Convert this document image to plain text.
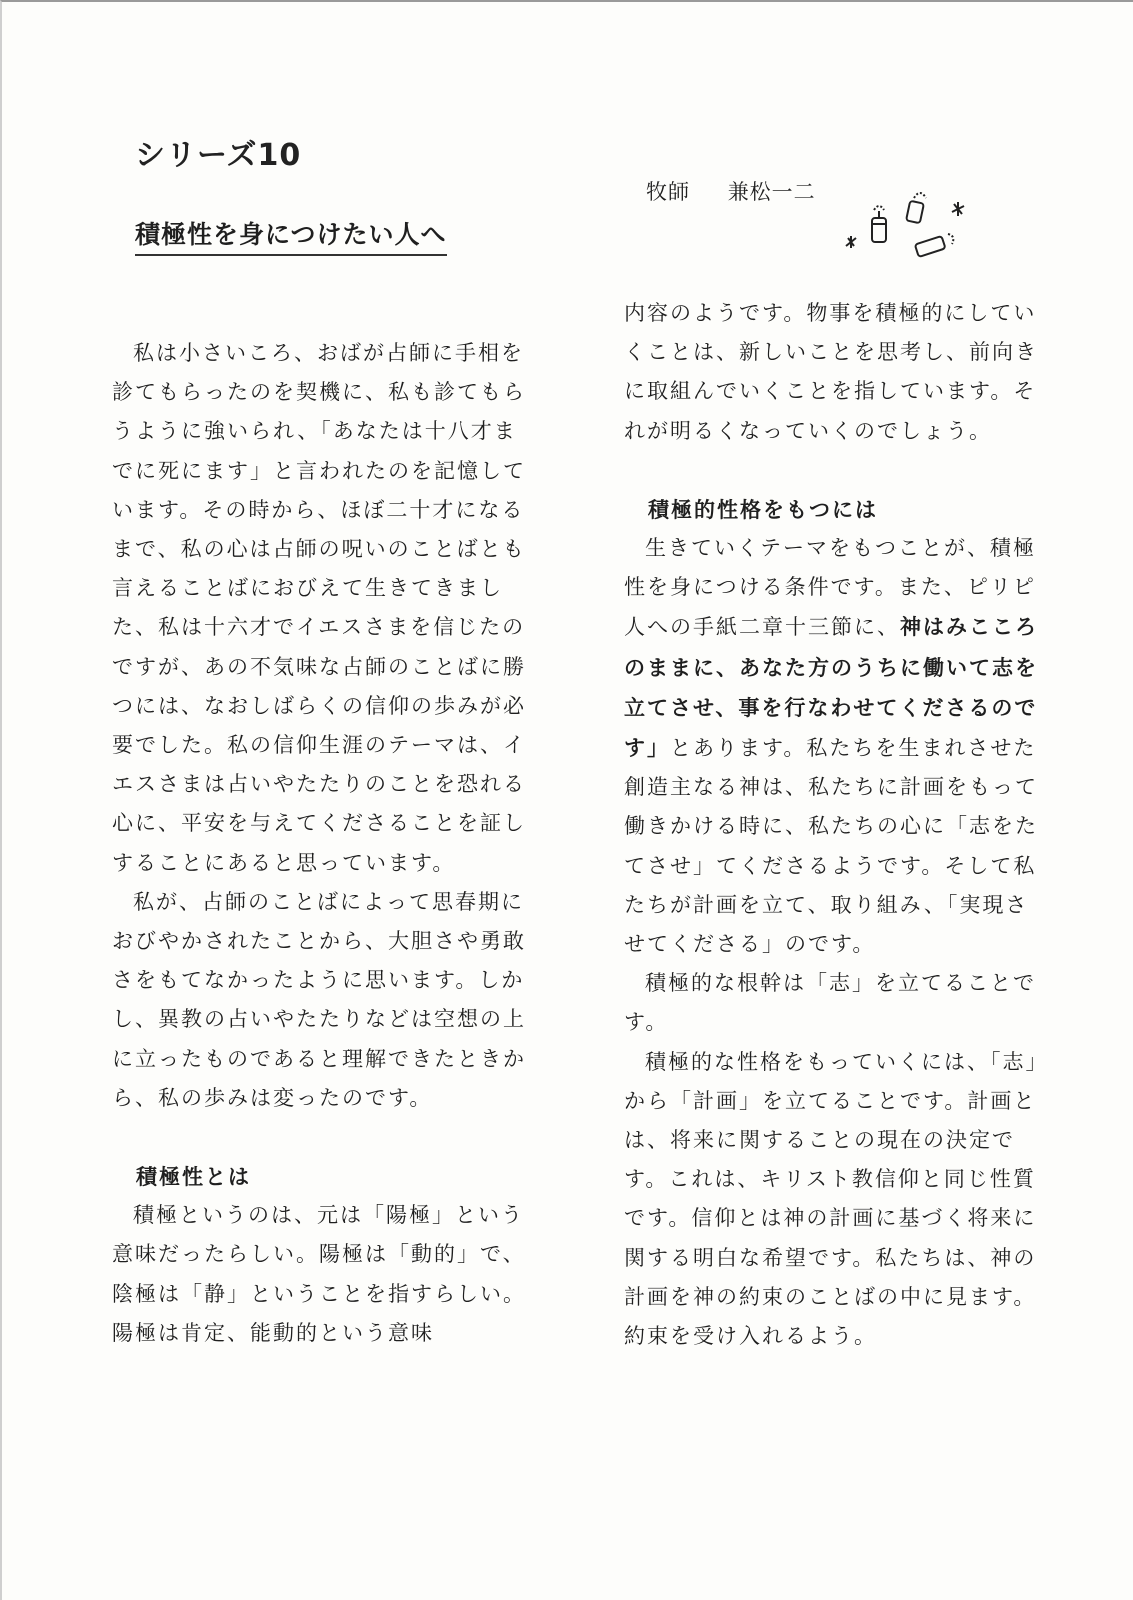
シリーズ10
積極性を身につけたい人へ
牧師 兼松一二

私は小さいころ、おばが占師に手相を診てもらったのを契機に、私も診てもらうように強いられ、「あなたは十八才までに死にます」と言われたのを記憶しています。その時から、ほぼ二十才になるまで、私の心は占師の呪いのことばとも言えることばにおびえて生きてきました、私は十六才でイエスさまを信じたのですが、あの不気味な占師のことばに勝つには、なおしばらくの信仰の歩みが必要でした。私の信仰生涯のテーマは、イエスさまは占いやたたりのことを恐れる心に、平安を与えてくださることを証しすることにあると思っています。

私が、占師のことばによって思春期におびやかされたことから、大胆さや勇敢さをもてなかったように思います。しかし、異教の占いやたたりなどは空想の上に立ったものであると理解できたときから、私の歩みは変ったのです。

積極性とは

積極というのは、元は「陽極」という意味だったらしい。陽極は「動的」で、陰極は「静」ということを指すらしい。陽極は肯定、能動的という意味

内容のようです。物事を積極的にしていくことは、新しいことを思考し、前向きに取組んでいくことを指しています。それが明るくなっていくのでしょう。

積極的性格をもつには

生きていくテーマをもつことが、積極性を身につける条件です。また、ピリピ人への手紙二章十三節に、神はみこころのままに、あなた方のうちに働いて志を立てさせ、事を行なわせてくださるのです」とあります。私たちを生まれさせた創造主なる神は、私たちに計画をもって働きかける時に、私たちの心に「志をたてさせ」てくださるようです。そして私たちが計画を立て、取り組み、「実現させてくださる」のです。

積極的な根幹は「志」を立てることです。

積極的な性格をもっていくには、「志」から「計画」を立てることです。計画とは、将来に関することの現在の決定です。これは、キリスト教信仰と同じ性質です。信仰とは神の計画に基づく将来に関する明白な希望です。私たちは、神の計画を神の約束のことばの中に見ます。約束を受け入れるよう。
